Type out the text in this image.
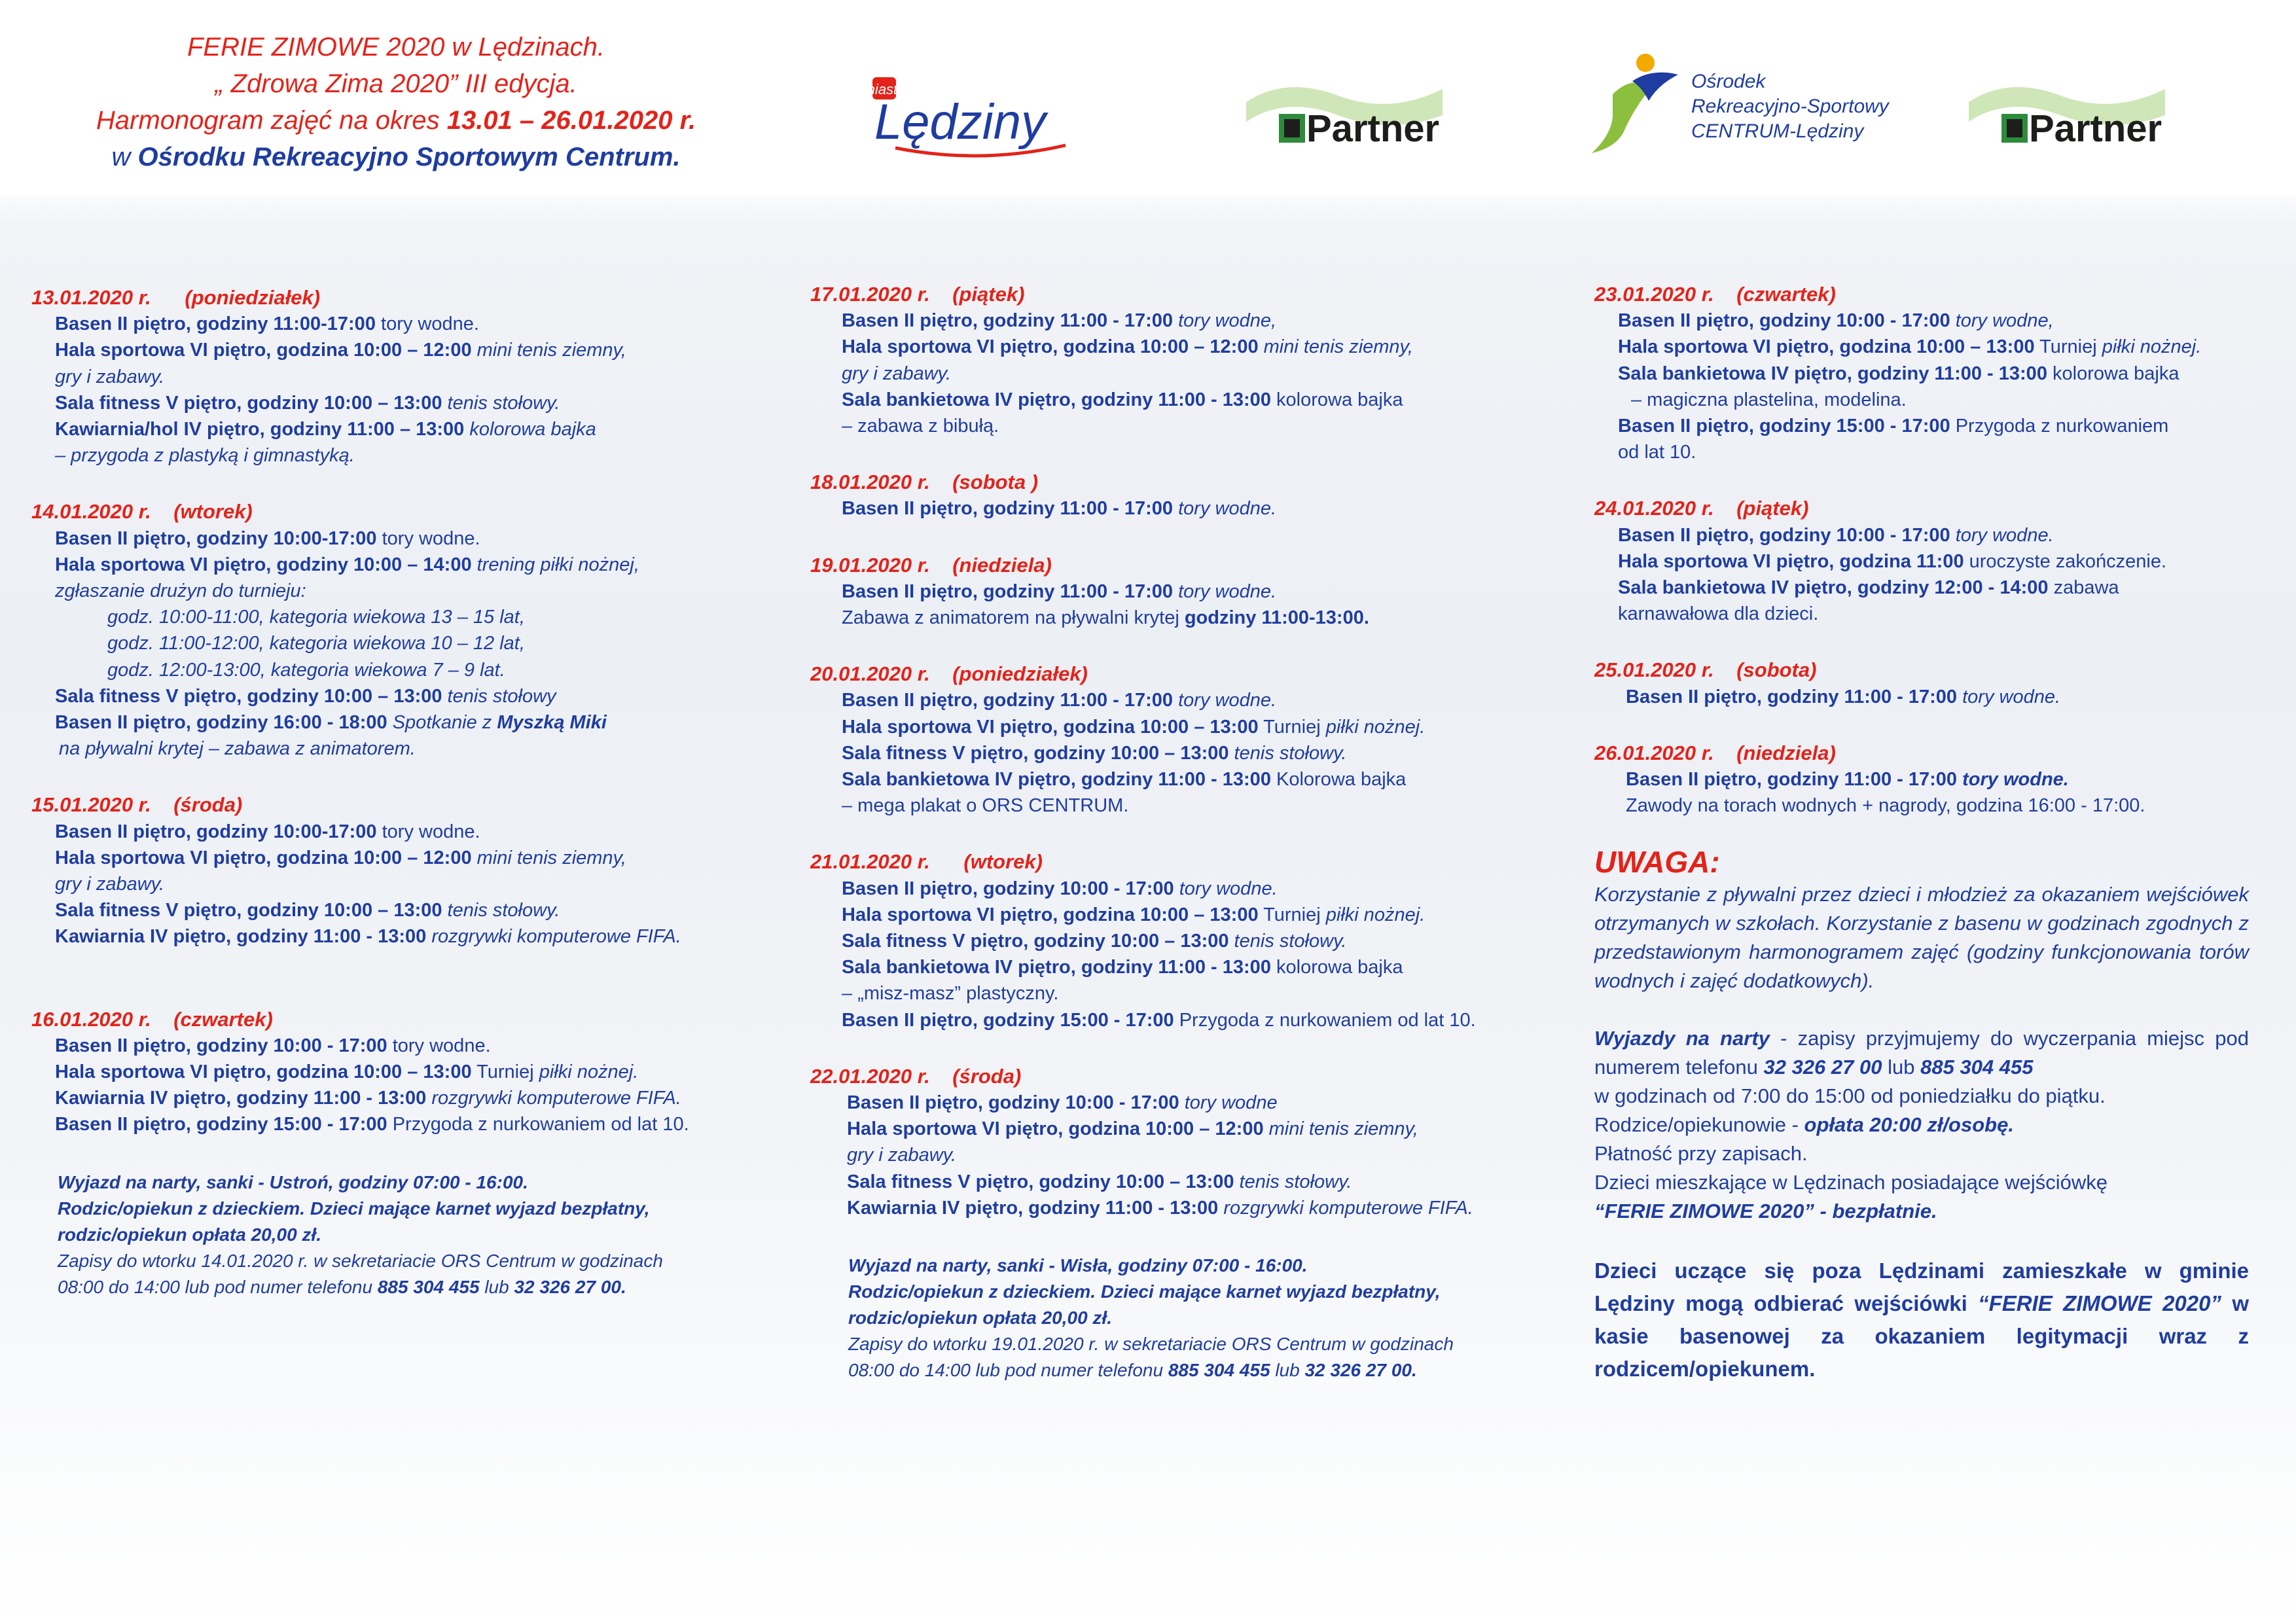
FERIE ZIMOWE 2020 w Lędzinach.
„ Zdrowa Zima 2020” III edycja.
Harmonogram zajęć na okres 13.01 – 26.01.2020 r.
w Ośrodku Rekreacyjno Sportowym Centrum.
miasto
Lędziny	Partner
Ośrodek
Rekreacyjno-Sportowy
CENTRUM-Lędziny	Partner
13.01.2020 r. (poniedziałek)
Basen II piętro, godziny 11:00-17:00 tory wodne.
Hala sportowa VI piętro, godzina 10:00 – 12:00 mini tenis ziemny,
gry i zabawy.
Sala fitness V piętro, godziny 10:00 – 13:00 tenis stołowy.
Kawiarnia/hol IV piętro, godziny 11:00 – 13:00 kolorowa bajka
– przygoda z plastyką i gimnastyką.
14.01.2020 r. (wtorek)
Basen II piętro, godziny 10:00-17:00 tory wodne.
Hala sportowa VI piętro, godziny 10:00 – 14:00 trening piłki nożnej,
zgłaszanie drużyn do turnieju:
godz. 10:00-11:00, kategoria wiekowa 13 – 15 lat,
godz. 11:00-12:00, kategoria wiekowa 10 – 12 lat,
godz. 12:00-13:00, kategoria wiekowa 7 – 9 lat.
Sala fitness V piętro, godziny 10:00 – 13:00 tenis stołowy
Basen II piętro, godziny 16:00 - 18:00 Spotkanie z Myszką Miki
na pływalni krytej – zabawa z animatorem.
15.01.2020 r. (środa)
Basen II piętro, godziny 10:00-17:00 tory wodne.
Hala sportowa VI piętro, godzina 10:00 – 12:00 mini tenis ziemny,
gry i zabawy.
Sala fitness V piętro, godziny 10:00 – 13:00 tenis stołowy.
Kawiarnia IV piętro, godziny 11:00 - 13:00 rozgrywki komputerowe FIFA.
16.01.2020 r. (czwartek)
Basen II piętro, godziny 10:00 - 17:00 tory wodne.
Hala sportowa VI piętro, godzina 10:00 – 13:00 Turniej piłki nożnej.
Kawiarnia IV piętro, godziny 11:00 - 13:00 rozgrywki komputerowe FIFA.
Basen II piętro, godziny 15:00 - 17:00 Przygoda z nurkowaniem od lat 10.
Wyjazd na narty, sanki - Ustroń, godziny 07:00 - 16:00.
Rodzic/opiekun z dzieckiem. Dzieci mające karnet wyjazd bezpłatny,
rodzic/opiekun opłata 20,00 zł.
Zapisy do wtorku 14.01.2020 r. w sekretariacie ORS Centrum w godzinach
08:00 do 14:00 lub pod numer telefonu 885 304 455 lub 32 326 27 00.
17.01.2020 r. (piątek)
Basen II piętro, godziny 11:00 - 17:00 tory wodne,
Hala sportowa VI piętro, godzina 10:00 – 12:00 mini tenis ziemny,
gry i zabawy.
Sala bankietowa IV piętro, godziny 11:00 - 13:00 kolorowa bajka
– zabawa z bibułą.
18.01.2020 r. (sobota )
Basen II piętro, godziny 11:00 - 17:00 tory wodne.
19.01.2020 r. (niedziela)
Basen II piętro, godziny 11:00 - 17:00 tory wodne.
Zabawa z animatorem na pływalni krytej godziny 11:00-13:00.
20.01.2020 r. (poniedziałek)
Basen II piętro, godziny 11:00 - 17:00 tory wodne.
Hala sportowa VI piętro, godzina 10:00 – 13:00 Turniej piłki nożnej.
Sala fitness V piętro, godziny 10:00 – 13:00 tenis stołowy.
Sala bankietowa IV piętro, godziny 11:00 - 13:00 Kolorowa bajka
– mega plakat o ORS CENTRUM.
21.01.2020 r. (wtorek)
Basen II piętro, godziny 10:00 - 17:00 tory wodne.
Hala sportowa VI piętro, godzina 10:00 – 13:00 Turniej piłki nożnej.
Sala fitness V piętro, godziny 10:00 – 13:00 tenis stołowy.
Sala bankietowa IV piętro, godziny 11:00 - 13:00 kolorowa bajka
– „misz-masz” plastyczny.
Basen II piętro, godziny 15:00 - 17:00 Przygoda z nurkowaniem od lat 10.
22.01.2020 r. (środa)
Basen II piętro, godziny 10:00 - 17:00 tory wodne
Hala sportowa VI piętro, godzina 10:00 – 12:00 mini tenis ziemny,
gry i zabawy.
Sala fitness V piętro, godziny 10:00 – 13:00 tenis stołowy.
Kawiarnia IV piętro, godziny 11:00 - 13:00 rozgrywki komputerowe FIFA.
Wyjazd na narty, sanki - Wisła, godziny 07:00 - 16:00.
Rodzic/opiekun z dzieckiem. Dzieci mające karnet wyjazd bezpłatny,
rodzic/opiekun opłata 20,00 zł.
Zapisy do wtorku 19.01.2020 r. w sekretariacie ORS Centrum w godzinach
08:00 do 14:00 lub pod numer telefonu 885 304 455 lub 32 326 27 00.
23.01.2020 r. (czwartek)
Basen II piętro, godziny 10:00 - 17:00 tory wodne,
Hala sportowa VI piętro, godzina 10:00 – 13:00 Turniej piłki nożnej.
Sala bankietowa IV piętro, godziny 11:00 - 13:00 kolorowa bajka
– magiczna plastelina, modelina.
Basen II piętro, godziny 15:00 - 17:00 Przygoda z nurkowaniem
od lat 10.
24.01.2020 r. (piątek)
Basen II piętro, godziny 10:00 - 17:00 tory wodne.
Hala sportowa VI piętro, godzina 11:00 uroczyste zakończenie.
Sala bankietowa IV piętro, godziny 12:00 - 14:00 zabawa
karnawałowa dla dzieci.
25.01.2020 r. (sobota)
Basen II piętro, godziny 11:00 - 17:00 tory wodne.
26.01.2020 r. (niedziela)
Basen II piętro, godziny 11:00 - 17:00 tory wodne.
Zawody na torach wodnych + nagrody, godzina 16:00 - 17:00.
UWAGA:
Korzystanie z pływalni przez dzieci i młodzież za okazaniem wejściówek otrzymanych w szkołach. Korzystanie z basenu w godzinach zgodnych z przedstawionym harmonogramem zajęć (godziny funkcjonowania torów wodnych i zajęć dodatkowych).
Wyjazdy na narty - zapisy przyjmujemy do wyczerpania miejsc pod numerem telefonu 32 326 27 00 lub 885 304 455
w godzinach od 7:00 do 15:00 od poniedziałku do piątku.
Rodzice/opiekunowie - opłata 20:00 zł/osobę.
Płatność przy zapisach.
Dzieci mieszkające w Lędzinach posiadające wejściówkę
“FERIE ZIMOWE 2020” - bezpłatnie.
Dzieci uczące się poza Lędzinami zamieszkałe w gminie Lędziny mogą odbierać wejściówki “FERIE ZIMOWE 2020” w kasie basenowej za okazaniem legitymacji wraz z rodzicem/opiekunem.
